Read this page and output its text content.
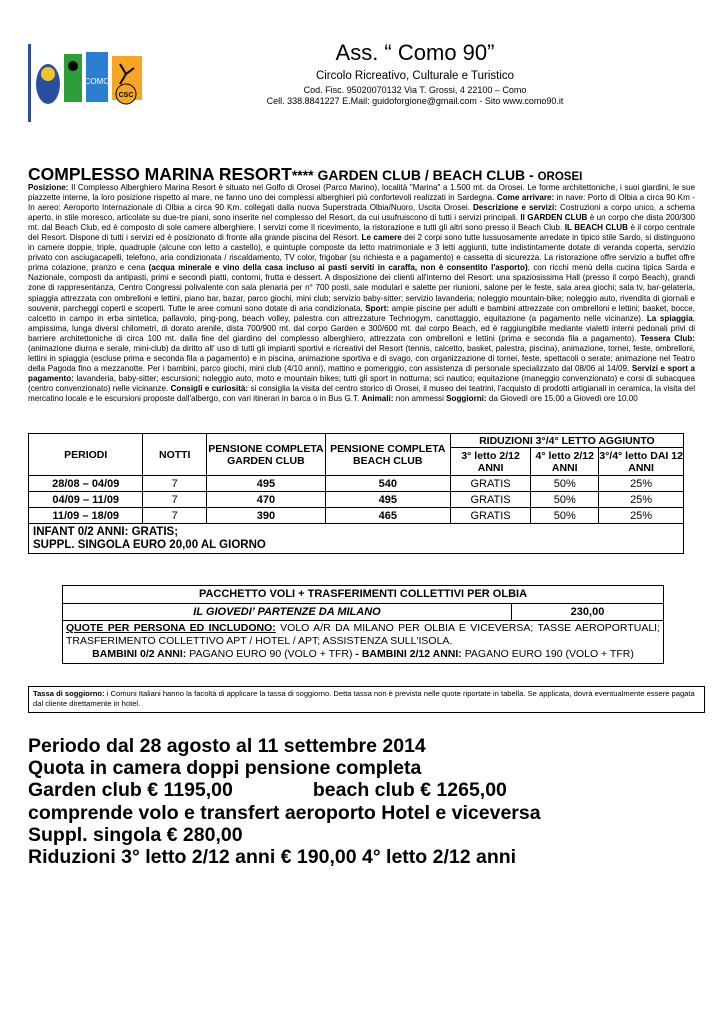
COMO
CSC
Ass. “ Como 90”
Circolo Ricreativo, Culturale e Turistico
Cod. Fisc. 95020070132 Via T. Grossi, 4 22100 – Como
Cell. 338.8841227 E.Mail: guidoforgione@gmail.com - Sito www.como90.it
COMPLESSO MARINA RESORT**** GARDEN CLUB / BEACH CLUB - OROSEI
Posizione: Il Complesso Alberghiero Marina Resort è situato nel Golfo di Orosei (Parco Marino), località "Marina" a 1.500 mt. da Orosei. Le forme architettoniche, i suoi giardini, le sue piazzette interne, la loro posizione rispetto al mare, ne fanno uno dei complessi alberghieri più confortevoli realizzati in Sardegna. Come arrivare: in nave: Porto di Olbia a circa 90 Km - In aereo: Aeroporto Internazionale di Olbia a circa 90 Km. collegati dalla nuova Superstrada Olbia/Nuoro, Uscita Orosei. Descrizione e servizi: Costruzioni a corpo unico, a schema aperto, in stile moresco, articolate su due-tre piani, sono inserite nel complesso del Resort, da cui usufruiscono di tutti i servizi principali. Il GARDEN CLUB è un corpo che dista 200/300 mt. dal Beach Club, ed è composto di sole camere alberghiere. I servizi come Il ricevimento, la ristorazione e tutti gli altri sono presso il Beach Club. IL BEACH CLUB è il corpo centrale del Resort. Dispone di tutti i servizi ed è posizionato di fronte alla grande piscina del Resort. Le camere dei 2 corpi sono tutte lussuosamente arredate in tipico stile Sardo, si distinguono in camere doppie, triple, quadruple (alcune con letto a castello), e quintuple composte da letto matrimoniale e 3 letti aggiunti, tutte indistintamente dotate di veranda coperta, servizio privato con asciugacapelli, telefono, aria condizionata / riscaldamento, TV color, frigobar (su richiesta e a pagamento) e cassetta di sicurezza. La ristorazione offre servizio a buffet offre prima colazione, pranzo e cena (acqua minerale e vino della casa incluso ai pasti serviti in caraffa, non è consentito l'asporto), con ricchi menù della cucina tipica Sarda e Nazionale, composti da antipasti, primi e secondi piatti, contorni, frutta e dessert. A disposizione dei clienti all'interno del Resort: una spaziosissima Hall (presso il corpo Beach), grandi zone di rappresentanza, Centro Congressi polivalente con sala plenaria per n° 700 posti, sale modulari e salette per riunioni, salone per le feste, sala area giochi; sala tv, bar-gelateria, spiaggia attrezzata con ombrelloni e lettini, piano bar, bazar, parco giochi, mini club; servizio baby-sitter; servizio lavanderia; noleggio mountain-bike; noleggio auto, rivendita di giornali e souvenir, parcheggi coperti e scoperti. Tutte le aree comuni sono dotate di aria condizionata, Sport: ampie piscine per adulti e bambini attrezzate con ombrelloni e lettini; basket, bocce, calcetto in campo in erba sintetica, pallavolo, ping-pong, beach volley, palestra con attrezzature Technogym, canottaggio, equitazione (a pagamento nelle vicinanze). La spiaggia, ampissima, lunga diversi chilometri, di dorato arenile, dista 700/900 mt. dal corpo Garden e 300/600 mt. dal corpo Beach, ed è raggiungibile mediante vialetti interni pedonali privi di barriere architettoniche di circa 100 mt. dalla fine del giardino del complesso alberghiero, attrezzata con ombrelloni e lettini (prima e seconda fila a pagamento). Tessera Club: (animazione diurna e serale, mini-club) da diritto all' uso di tutti gli impianti sportivi e ricreativi del Resort (tennis, calcetto, basket, palestra, piscina), animazione, tornei, feste, ombrelloni, lettini in spiaggia (escluse prima e seconda fila a pagamento) e in piscina, animazione sportiva e di svago, con organizzazione di tornei, feste, spettacoli o serate; animazione nel Teatro della Pagoda fino a mezzanotte. Per i bambini, parco giochi, mini club (4/10 anni), mattino e pomeriggio, con assistenza di personale specializzato dal 08/06 al 14/09. Servizi e sport a pagamento: lavanderia, baby-sitter; escursioni; noleggio auto, moto e mountain bikes; tutti gli sport in notturna; sci nautico; equitazione (maneggio convenzionato) e corsi di subacquea (centro convenzionato) nelle vicinanze. Consigli e curiosità: si consiglia la visita del centro storico di Orosei, il museo dei teatrini, l'acquisto di prodotti artigianali in ceramica, la visita del mercatino locale e le escursioni proposte dall'albergo, con vari itinerari in barca o in Bus G.T. Animali: non ammessi Soggiorni: da Giovedì ore 15.00 a Giovedì ore 10.00
PERIODI	NOTTI	PENSIONE COMPLETA GARDEN CLUB	PENSIONE COMPLETA BEACH CLUB	RIDUZIONI 3°/4° LETTO AGGIUNTO		
				3° letto 2/12 ANNI	4° letto 2/12 ANNI	3°/4° letto DAI 12 ANNI
28/08 – 04/09	7	495	540	GRATIS	50%	25%
04/09 – 11/09	7	470	495	GRATIS	50%	25%
11/09 – 18/09	7	390	465	GRATIS	50%	25%

INFANT 0/2 ANNI: GRATIS;
SUPPL. SINGOLA EURO 20,00 AL GIORNO						
PACCHETTO VOLI + TRASFERIMENTI COLLETTIVI PER OLBIA
IL GIOVEDI’ PARTENZE DA MILANO	230,00
QUOTE PER PERSONA ED INCLUDONO: VOLO A/R DA MILANO PER OLBIA E VICEVERSA; TASSE AEROPORTUALI; TRASFERIMENTO COLLETTIVO APT / HOTEL / APT; ASSISTENZA SULL'ISOLA.
BAMBINI 0/2 ANNI: PAGANO EURO 90 (VOLO + TFR) - BAMBINI 2/12 ANNI: PAGANO EURO 190 (VOLO + TFR)
Tassa di soggiorno: i Comuni Italiani hanno la facoltà di applicare la tassa di soggiorno. Detta tassa non è prevista nelle quote riportate in tabella. Se applicata, dovrà eventualmente essere pagata dal cliente direttamente in hotel.
Periodo dal 28 agosto al 11 settembre 2014
Quota in camera doppi pensione completa
Garden club € 1195,00	beach club € 1265,00
comprende volo e transfert aeroporto Hotel e viceversa
Suppl. singola € 280,00
Riduzioni 3° letto 2/12 anni € 190,00 4° letto 2/12 anni
